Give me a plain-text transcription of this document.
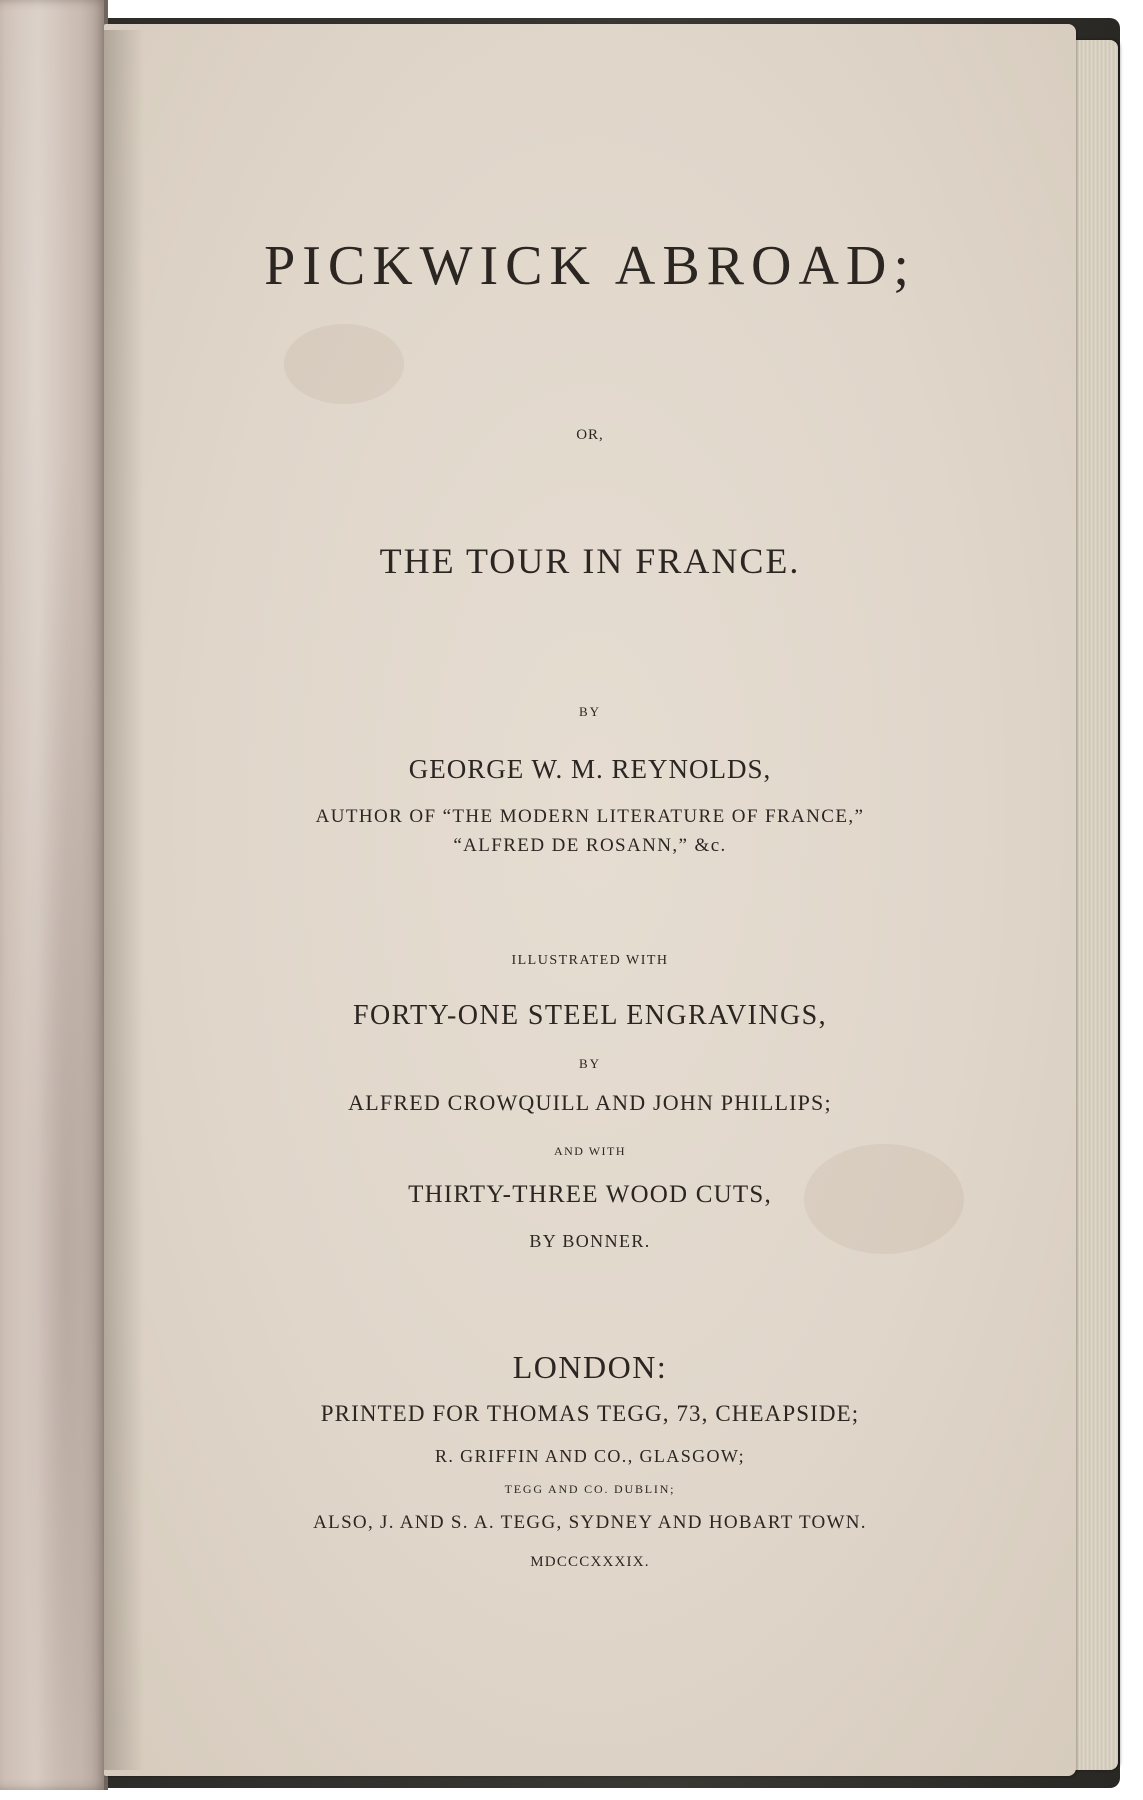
PICKWICK ABROAD;
OR,
THE TOUR IN FRANCE.
BY
GEORGE W. M. REYNOLDS,
AUTHOR OF “THE MODERN LITERATURE OF FRANCE,”
“ALFRED DE ROSANN,” &c.
ILLUSTRATED WITH
FORTY-ONE STEEL ENGRAVINGS,
BY
ALFRED CROWQUILL AND JOHN PHILLIPS;
AND WITH
THIRTY-THREE WOOD CUTS,
BY BONNER.
LONDON:
PRINTED FOR THOMAS TEGG, 73, CHEAPSIDE;
R. GRIFFIN AND CO., GLASGOW;
TEGG AND CO. DUBLIN;
ALSO, J. AND S. A. TEGG, SYDNEY AND HOBART TOWN.
MDCCCXXXIX.
